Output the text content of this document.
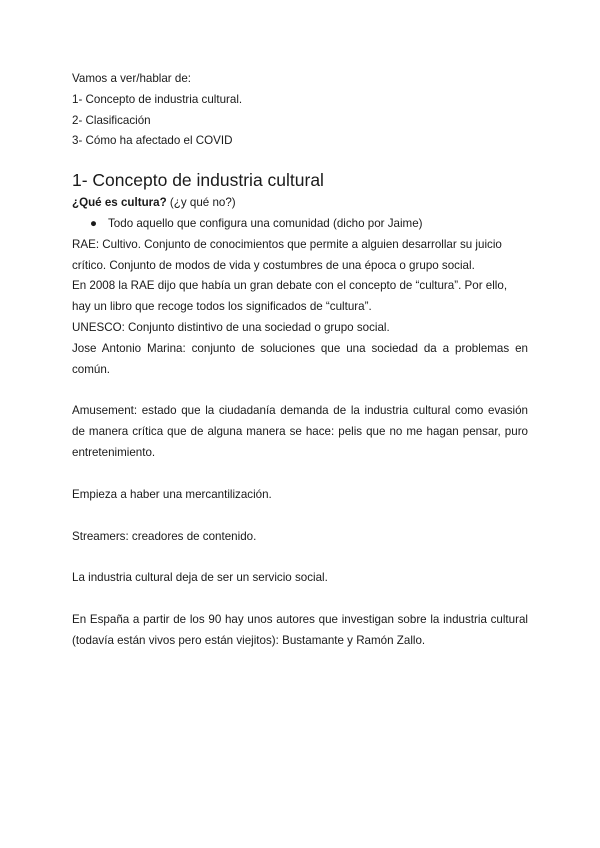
Vamos a ver/hablar de:

1- Concepto de industria cultural.

2- Clasificación

3- Cómo ha afectado el COVID

1- Concepto de industria cultural

¿Qué es cultura? (¿y qué no?)

● Todo aquello que configura una comunidad (dicho por Jaime)

RAE: Cultivo. Conjunto de conocimientos que permite a alguien desarrollar su juicio crítico. Conjunto de modos de vida y costumbres de una época o grupo social.

En 2008 la RAE dijo que había un gran debate con el concepto de “cultura”. Por ello, hay un libro que recoge todos los significados de “cultura”.

UNESCO: Conjunto distintivo de una sociedad o grupo social.

Jose Antonio Marina: conjunto de soluciones que una sociedad da a problemas en común.

Amusement: estado que la ciudadanía demanda de la industria cultural como evasión de manera crítica que de alguna manera se hace: pelis que no me hagan pensar, puro entretenimiento.

Empieza a haber una mercantilización.

Streamers: creadores de contenido.

La industria cultural deja de ser un servicio social.

En España a partir de los 90 hay unos autores que investigan sobre la industria cultural (todavía están vivos pero están viejitos): Bustamante y Ramón Zallo.
